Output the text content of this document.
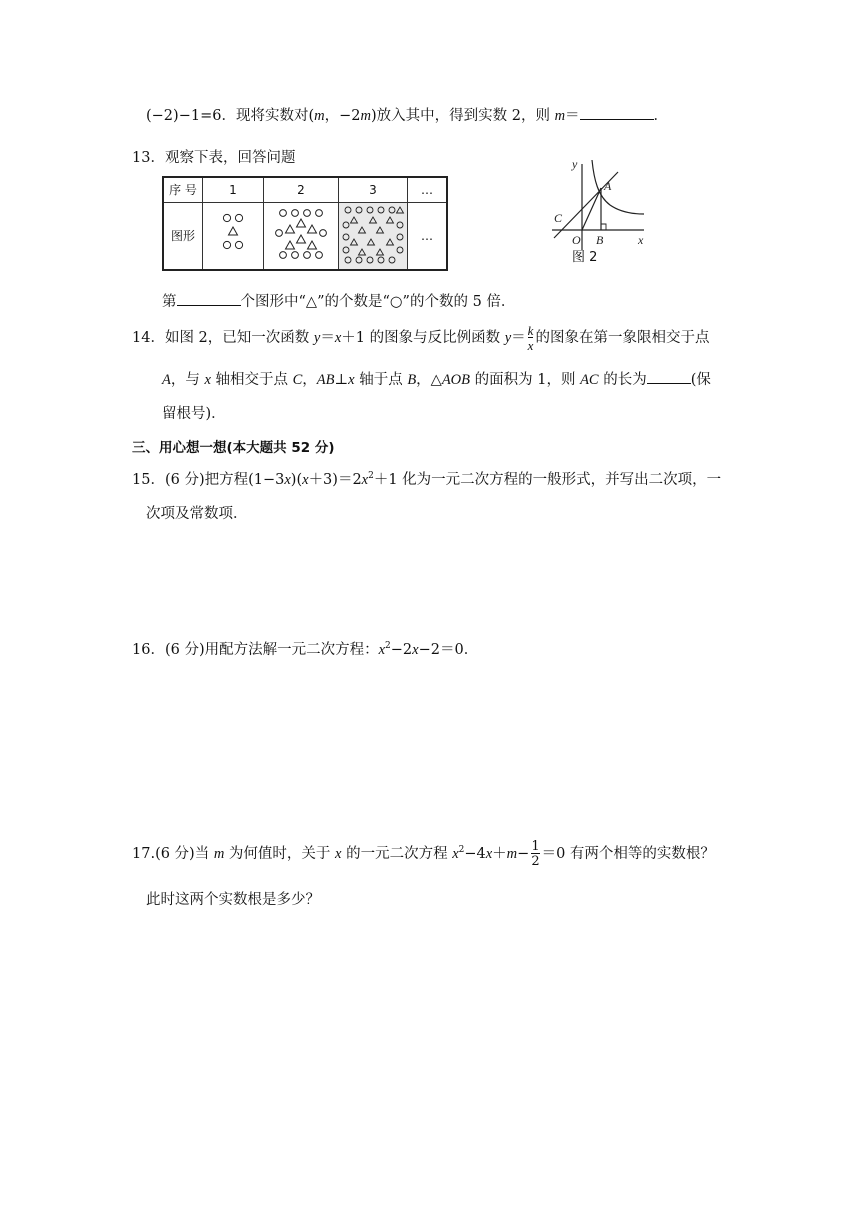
(−2)−1=6．现将实数对(m，−2m)放入其中，得到实数 2，则 m＝	．
13．观察下表，回答问题
序 号	1	2	3	…
图形				…
y
x
A
B
C
O
图 2
第	个图形中“△”的个数是“○”的个数的 5 倍．
14．如图 2，已知一次函数 y＝x＋1 的图象与反比例函数 $y= \frac{k}{x}$ 的图象在第一象限相交于点
A，与 x 轴相交于点 C，AB⊥x 轴于点 B，△AOB 的面积为 1，则 AC 的长为	(保
留根号)．
三、用心想一想(本大题共 52 分)
15．(6 分)把方程$(1-3x)(x+3)=2x^2+1$ 化为一元二次方程的一般形式，并写出二次项，一
次项及常数项．
16．(6 分)用配方法解一元二次方程：$x^2-2x-2=0$．
17.(6 分)当 m 为何值时，关于 x 的一元二次方程 $x^2-4x+m- \frac{1}{2} =0$ 有两个相等的实数根？
此时这两个实数根是多少？
